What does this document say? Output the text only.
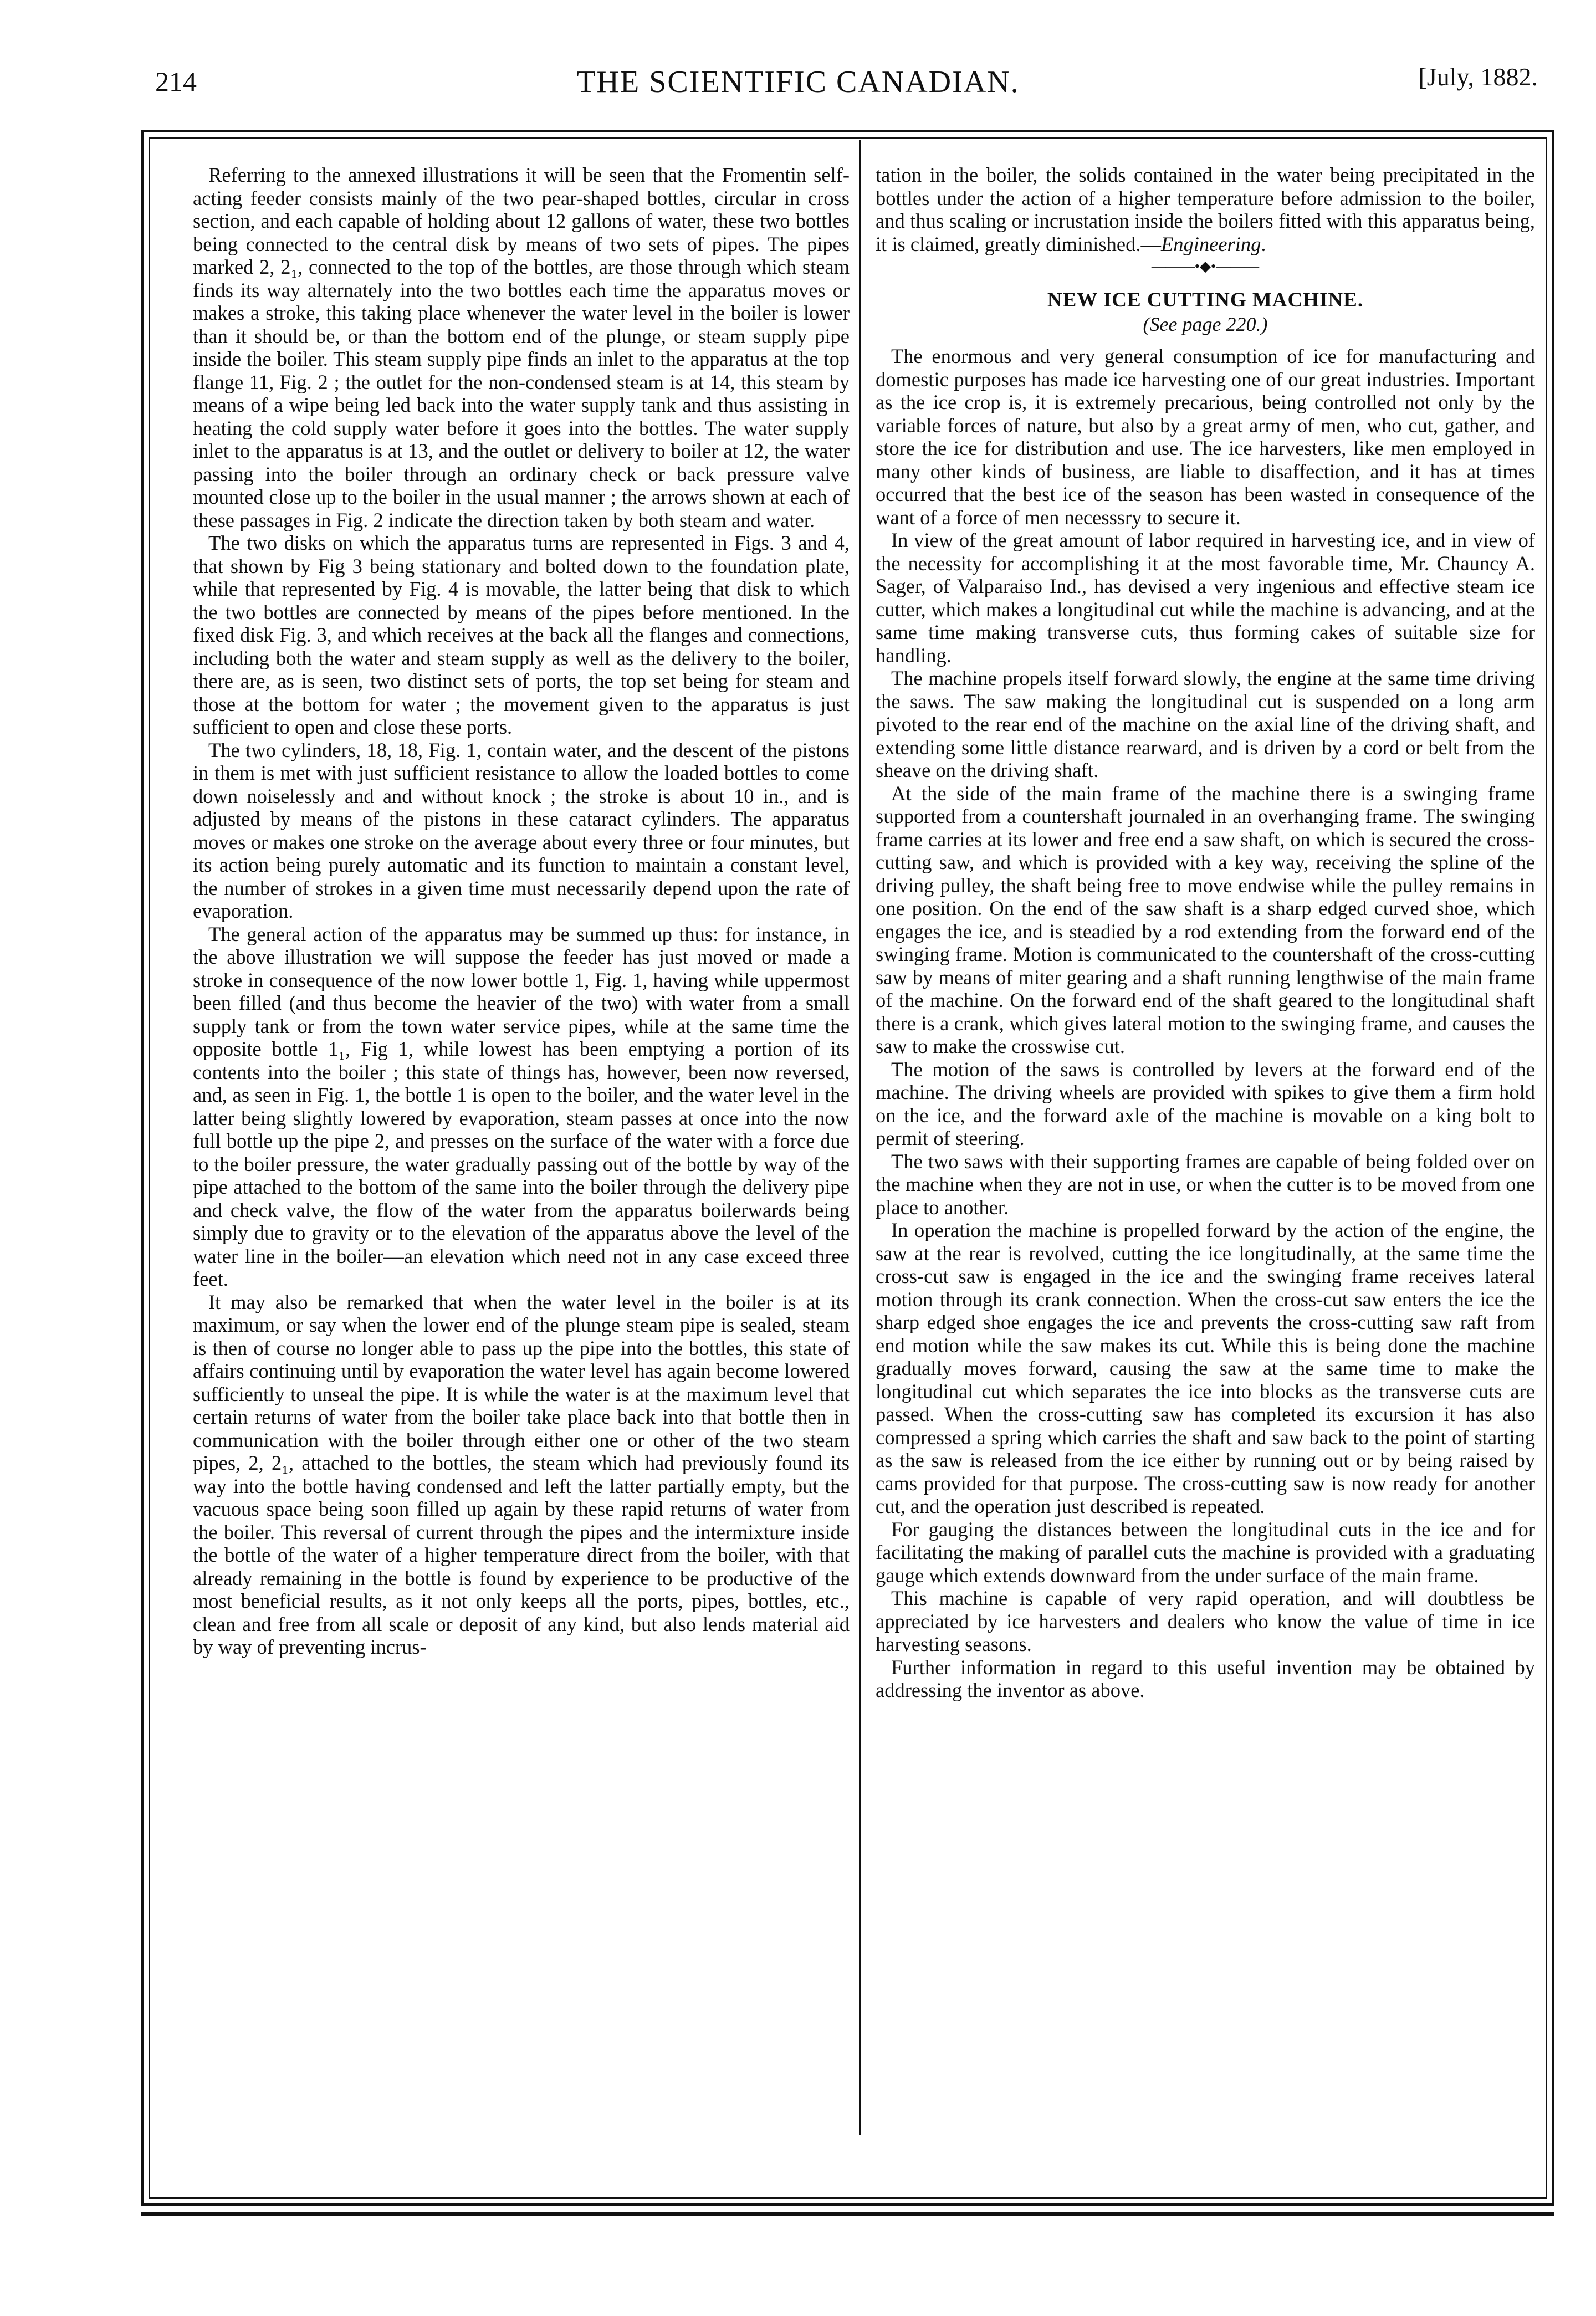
214	THE SCIENTIFIC CANADIAN.	[July, 1882.

Referring to the annexed illustrations it will be seen that the Fromentin self-acting feeder consists mainly of the two pear-shaped bottles, circular in cross section, and each capable of holding about 12 gallons of water, these two bottles being connected to the central disk by means of two sets of pipes. The pipes marked 2, 2₁, connected to the top of the bottles, are those through which steam finds its way alternately into the two bottles each time the apparatus moves or makes a stroke, this taking place whenever the water level in the boiler is lower than it should be, or than the bottom end of the plunge, or steam supply pipe inside the boiler. This steam supply pipe finds an inlet to the apparatus at the top flange 11, Fig. 2 ; the outlet for the non-condensed steam is at 14, this steam by means of a wipe being led back into the water supply tank and thus assisting in heating the cold supply water before it goes into the bottles. The water supply inlet to the apparatus is at 13, and the outlet or delivery to boiler at 12, the water passing into the boiler through an ordinary check or back pressure valve mounted close up to the boiler in the usual manner ; the arrows shown at each of these passages in Fig. 2 indicate the direction taken by both steam and water.

The two disks on which the apparatus turns are represented in Figs. 3 and 4, that shown by Fig 3 being stationary and bolted down to the foundation plate, while that represented by Fig. 4 is movable, the latter being that disk to which the two bottles are connected by means of the pipes before mentioned. In the fixed disk Fig. 3, and which receives at the back all the flanges and connections, including both the water and steam supply as well as the delivery to the boiler, there are, as is seen, two distinct sets of ports, the top set being for steam and those at the bottom for water ; the movement given to the apparatus is just sufficient to open and close these ports.

The two cylinders, 18, 18, Fig. 1, contain water, and the descent of the pistons in them is met with just sufficient resistance to allow the loaded bottles to come down noiselessly and and without knock ; the stroke is about 10 in., and is adjusted by means of the pistons in these cataract cylinders. The apparatus moves or makes one stroke on the average about every three or four minutes, but its action being purely automatic and its function to maintain a constant level, the number of strokes in a given time must necessarily depend upon the rate of evaporation.

The general action of the apparatus may be summed up thus: for instance, in the above illustration we will suppose the feeder has just moved or made a stroke in consequence of the now lower bottle 1, Fig. 1, having while uppermost been filled (and thus become the heavier of the two) with water from a small supply tank or from the town water service pipes, while at the same time the opposite bottle 1₁, Fig 1, while lowest has been emptying a portion of its contents into the boiler ; this state of things has, however, been now reversed, and, as seen in Fig. 1, the bottle 1 is open to the boiler, and the water level in the latter being slightly lowered by evaporation, steam passes at once into the now full bottle up the pipe 2, and presses on the surface of the water with a force due to the boiler pressure, the water gradually passing out of the bottle by way of the pipe attached to the bottom of the same into the boiler through the delivery pipe and check valve, the flow of the water from the apparatus boilerwards being simply due to gravity or to the elevation of the apparatus above the level of the water line in the boiler—an elevation which need not in any case exceed three feet.

It may also be remarked that when the water level in the boiler is at its maximum, or say when the lower end of the plunge steam pipe is sealed, steam is then of course no longer able to pass up the pipe into the bottles, this state of affairs continuing until by evaporation the water level has again become lowered sufficiently to unseal the pipe. It is while the water is at the maximum level that certain returns of water from the boiler take place back into that bottle then in communication with the boiler through either one or other of the two steam pipes, 2, 2₁, attached to the bottles, the steam which had previously found its way into the bottle having condensed and left the latter partially empty, but the vacuous space being soon filled up again by these rapid returns of water from the boiler. This reversal of current through the pipes and the intermixture inside the bottle of the water of a higher temperature direct from the boiler, with that already remaining in the bottle is found by experience to be productive of the most beneficial results, as it not only keeps all the ports, pipes, bottles, etc., clean and free from all scale or deposit of any kind, but also lends material aid by way of preventing incrus-

tation in the boiler, the solids contained in the water being precipitated in the bottles under the action of a higher temperature before admission to the boiler, and thus scaling or incrustation inside the boilers fitted with this apparatus being, it is claimed, greatly diminished.—Engineering.

———•◆•———
NEW ICE CUTTING MACHINE.
(See page 220.)

The enormous and very general consumption of ice for manufacturing and domestic purposes has made ice harvesting one of our great industries. Important as the ice crop is, it is extremely precarious, being controlled not only by the variable forces of nature, but also by a great army of men, who cut, gather, and store the ice for distribution and use. The ice harvesters, like men employed in many other kinds of business, are liable to disaffection, and it has at times occurred that the best ice of the season has been wasted in consequence of the want of a force of men necesssry to secure it.

In view of the great amount of labor required in harvesting ice, and in view of the necessity for accomplishing it at the most favorable time, Mr. Chauncy A. Sager, of Valparaiso Ind., has devised a very ingenious and effective steam ice cutter, which makes a longitudinal cut while the machine is advancing, and at the same time making transverse cuts, thus forming cakes of suitable size for handling.

The machine propels itself forward slowly, the engine at the same time driving the saws. The saw making the longitudinal cut is suspended on a long arm pivoted to the rear end of the machine on the axial line of the driving shaft, and extending some little distance rearward, and is driven by a cord or belt from the sheave on the driving shaft.

At the side of the main frame of the machine there is a swinging frame supported from a countershaft journaled in an overhanging frame. The swinging frame carries at its lower and free end a saw shaft, on which is secured the cross-cutting saw, and which is provided with a key way, receiving the spline of the driving pulley, the shaft being free to move endwise while the pulley remains in one position. On the end of the saw shaft is a sharp edged curved shoe, which engages the ice, and is steadied by a rod extending from the forward end of the swinging frame. Motion is communicated to the countershaft of the cross-cutting saw by means of miter gearing and a shaft running lengthwise of the main frame of the machine. On the forward end of the shaft geared to the longitudinal shaft there is a crank, which gives lateral motion to the swinging frame, and causes the saw to make the crosswise cut.

The motion of the saws is controlled by levers at the forward end of the machine. The driving wheels are provided with spikes to give them a firm hold on the ice, and the forward axle of the machine is movable on a king bolt to permit of steering.

The two saws with their supporting frames are capable of being folded over on the machine when they are not in use, or when the cutter is to be moved from one place to another.

In operation the machine is propelled forward by the action of the engine, the saw at the rear is revolved, cutting the ice longitudinally, at the same time the cross-cut saw is engaged in the ice and the swinging frame receives lateral motion through its crank connection. When the cross-cut saw enters the ice the sharp edged shoe engages the ice and prevents the cross-cutting saw raft from end motion while the saw makes its cut. While this is being done the machine gradually moves forward, causing the saw at the same time to make the longitudinal cut which separates the ice into blocks as the transverse cuts are passed. When the cross-cutting saw has completed its excursion it has also compressed a spring which carries the shaft and saw back to the point of starting as the saw is released from the ice either by running out or by being raised by cams provided for that purpose. The cross-cutting saw is now ready for another cut, and the operation just described is repeated.

For gauging the distances between the longitudinal cuts in the ice and for facilitating the making of parallel cuts the machine is provided with a graduating gauge which extends downward from the under surface of the main frame.

This machine is capable of very rapid operation, and will doubtless be appreciated by ice harvesters and dealers who know the value of time in ice harvesting seasons.

Further information in regard to this useful invention may be obtained by addressing the inventor as above.
